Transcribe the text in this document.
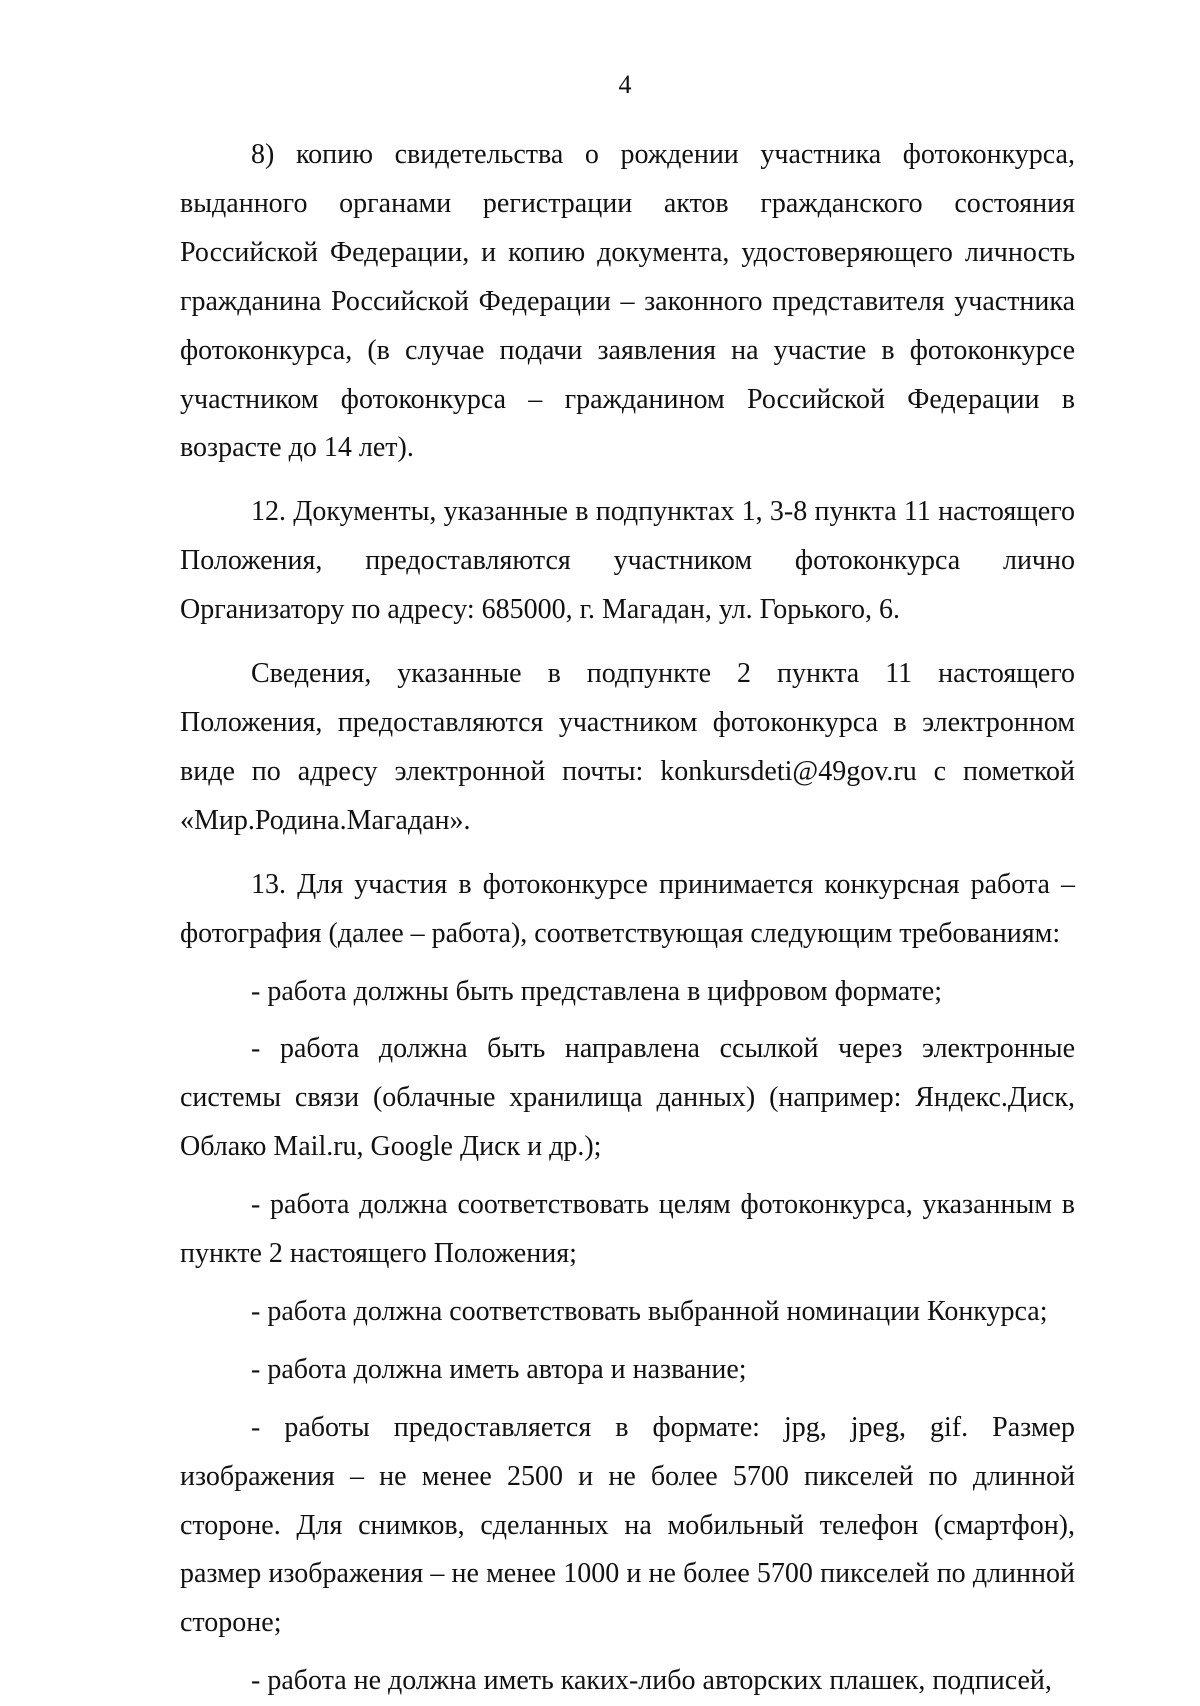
4

8) копию свидетельства о рождении участника фотоконкурса, выданного органами регистрации актов гражданского состояния Российской Федерации, и копию документа, удостоверяющего личность гражданина Российской Федерации – законного представителя участника фотоконкурса, (в случае подачи заявления на участие в фотоконкурсе участником фотоконкурса – гражданином Российской Федерации в возрасте до 14 лет).

12. Документы, указанные в подпунктах 1, 3-8 пункта 11 настоящего Положения, предоставляются участником фотоконкурса лично Организатору по адресу: 685000, г. Магадан, ул. Горького, 6.

Сведения, указанные в подпункте 2 пункта 11 настоящего Положения, предоставляются участником фотоконкурса в электронном виде по адресу электронной почты: konkursdeti@49gov.ru с пометкой «Мир.Родина.Магадан».

13. Для участия в фотоконкурсе принимается конкурсная работа – фотография (далее – работа), соответствующая следующим требованиям:

- работа должны быть представлена в цифровом формате;

- работа должна быть направлена ссылкой через электронные системы связи (облачные хранилища данных) (например: Яндекс.Диск, Облако Mail.ru, Google Диск и др.);

- работа должна соответствовать целям фотоконкурса, указанным в пункте 2 настоящего Положения;

- работа должна соответствовать выбранной номинации Конкурса;

- работа должна иметь автора и название;

- работы предоставляется в формате: jpg, jpeg, gif. Размер изображения – не менее 2500 и не более 5700 пикселей по длинной стороне. Для снимков, сделанных на мобильный телефон (смартфон), размер изображения – не менее 1000 и не более 5700 пикселей по длинной стороне;

- работа не должна иметь каких-либо авторских плашек, подписей,
